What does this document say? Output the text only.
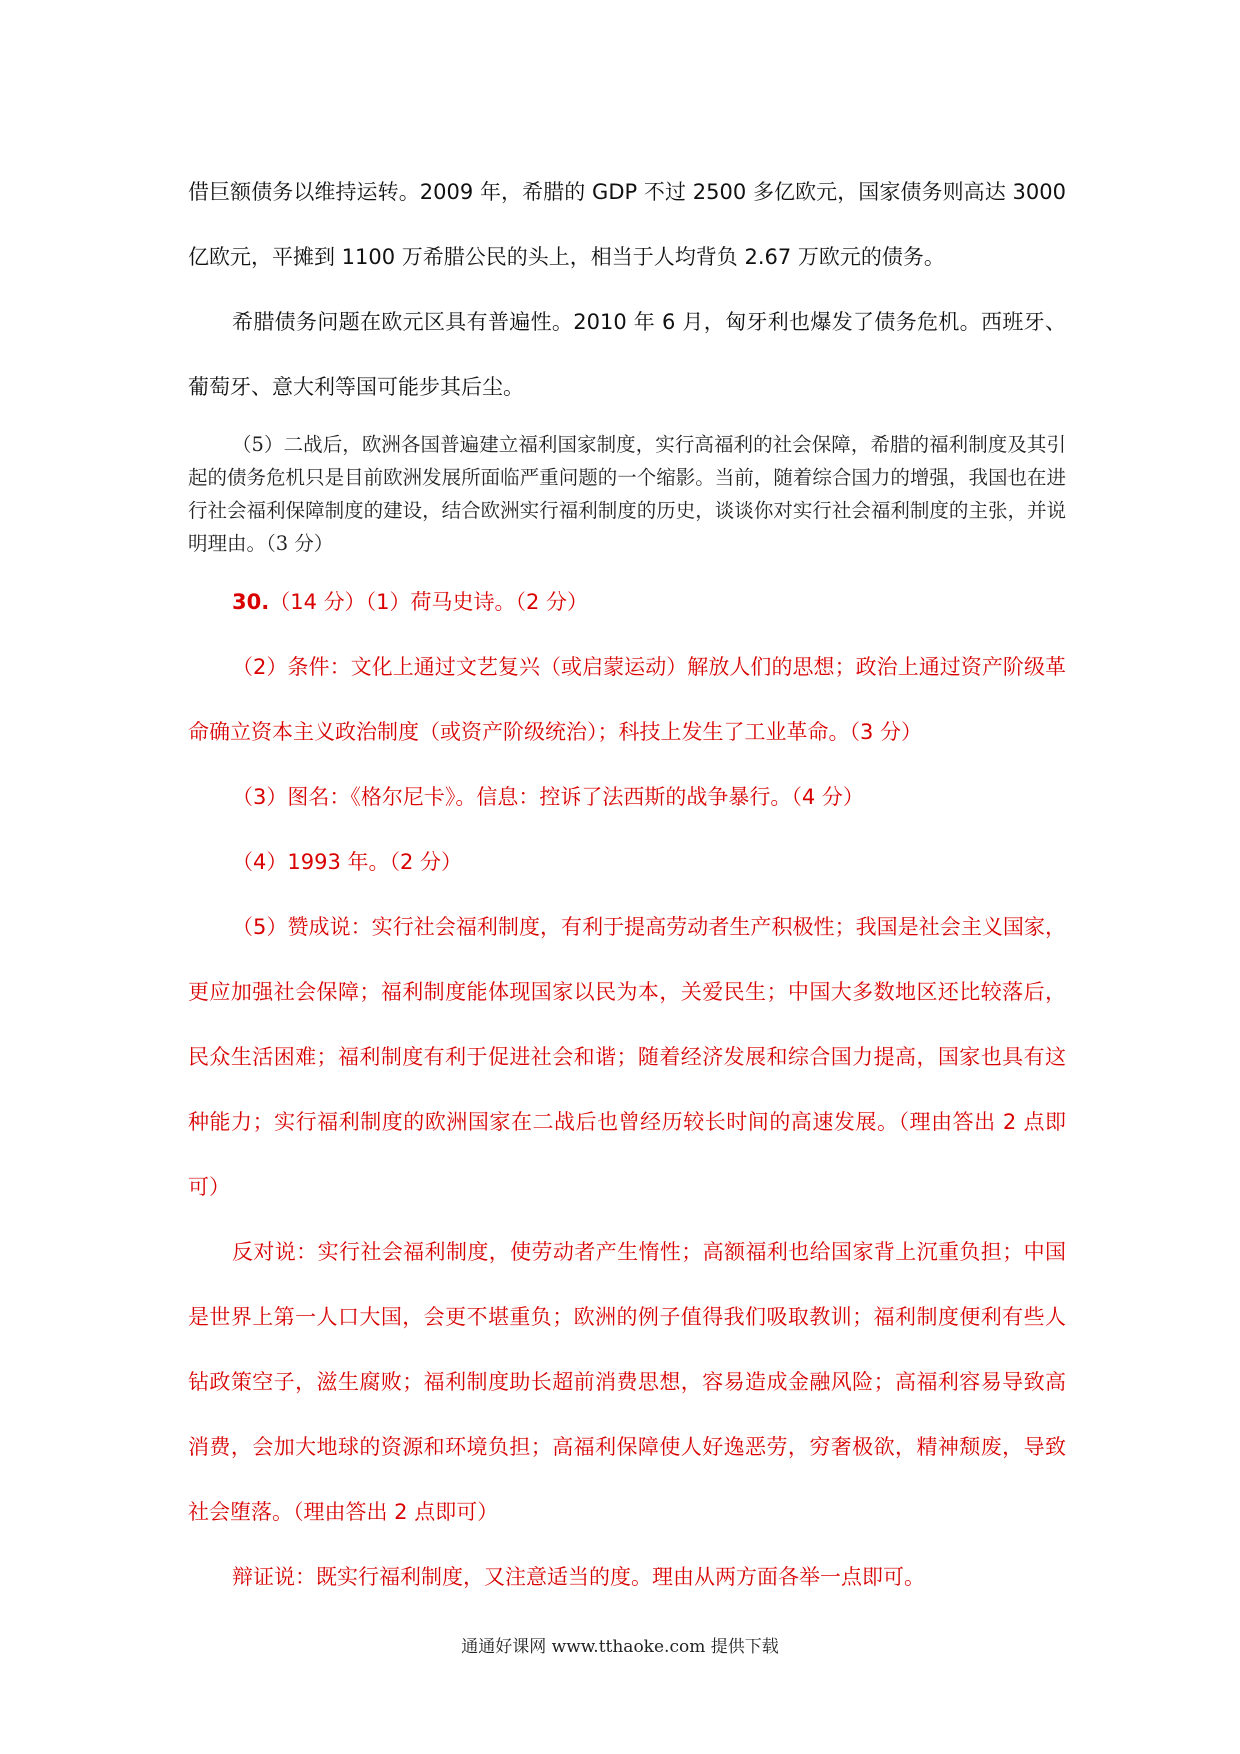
借巨额债务以维持运转。2009 年，希腊的 GDP 不过 2500 多亿欧元，国家债务则高达 3000 亿欧元，平摊到 1100 万希腊公民的头上，相当于人均背负 2.67 万欧元的债务。

希腊债务问题在欧元区具有普遍性。2010 年 6 月，匈牙利也爆发了债务危机。西班牙、葡萄牙、意大利等国可能步其后尘。

（5）二战后，欧洲各国普遍建立福利国家制度，实行高福利的社会保障，希腊的福利制度及其引起的债务危机只是目前欧洲发展所面临严重问题的一个缩影。当前，随着综合国力的增强，我国也在进行社会福利保障制度的建设，结合欧洲实行福利制度的历史，谈谈你对实行社会福利制度的主张，并说明理由。（3 分）

30.（14 分）（1）荷马史诗。（2 分）

（2）条件：文化上通过文艺复兴（或启蒙运动）解放人们的思想；政治上通过资产阶级革命确立资本主义政治制度（或资产阶级统治）；科技上发生了工业革命。（3 分）

（3）图名：《格尔尼卡》。信息：控诉了法西斯的战争暴行。（4 分）

（4）1993 年。（2 分）

（5）赞成说：实行社会福利制度，有利于提高劳动者生产积极性；我国是社会主义国家，更应加强社会保障；福利制度能体现国家以民为本，关爱民生；中国大多数地区还比较落后，民众生活困难；福利制度有利于促进社会和谐；随着经济发展和综合国力提高，国家也具有这种能力；实行福利制度的欧洲国家在二战后也曾经历较长时间的高速发展。（理由答出 2 点即可）

反对说：实行社会福利制度，使劳动者产生惰性；高额福利也给国家背上沉重负担；中国是世界上第一人口大国，会更不堪重负；欧洲的例子值得我们吸取教训；福利制度便利有些人钻政策空子，滋生腐败；福利制度助长超前消费思想，容易造成金融风险；高福利容易导致高消费，会加大地球的资源和环境负担；高福利保障使人好逸恶劳，穷奢极欲，精神颓废，导致社会堕落。（理由答出 2 点即可）

辩证说：既实行福利制度，又注意适当的度。理由从两方面各举一点即可。

通通好课网 www.tthaoke.com 提供下载
